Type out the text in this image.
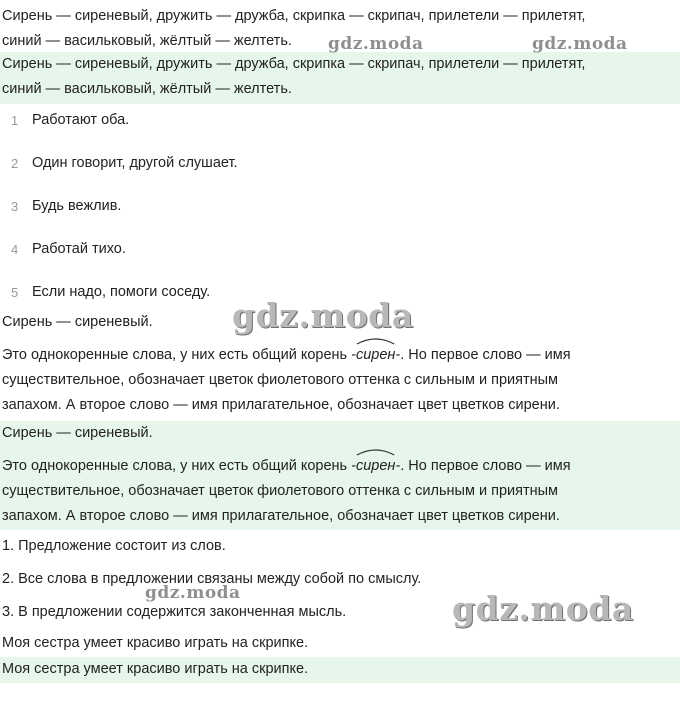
Сирень — сиреневый, дружить — дружба, скрипка — скрипач, прилетели — прилетят,

синий — васильковый, жёлтый — желтеть.

Сирень — сиреневый, дружить — дружба, скрипка — скрипач, прилетели — прилетят,

синий — васильковый, жёлтый — желтеть.

1 Работают оба.
2 Один говорит, другой слушает.
3 Будь вежлив.
4 Работай тихо.
5 Если надо, помоги соседу.

Сирень — сиреневый.

Это однокоренные слова, у них есть общий корень -сирен-
. Но первое слово — имя

существительное, обозначает цветок фиолетового оттенка с сильным и приятным

запахом. А второе слово — имя прилагательное, обозначает цвет цветков сирени.

Сирень — сиреневый.

Это однокоренные слова, у них есть общий корень -сирен-
. Но первое слово — имя

существительное, обозначает цветок фиолетового оттенка с сильным и приятным

запахом. А второе слово — имя прилагательное, обозначает цвет цветков сирени.

1. Предложение состоит из слов.

2. Все слова в предложении связаны между собой по смыслу.

3. В предложении содержится законченная мысль.

Моя сестра умеет красиво играть на скрипке.

Моя сестра умеет красиво играть на скрипке.

gdz.moda	gdz.moda
gdz.moda
gdz.moda	gdz.moda
